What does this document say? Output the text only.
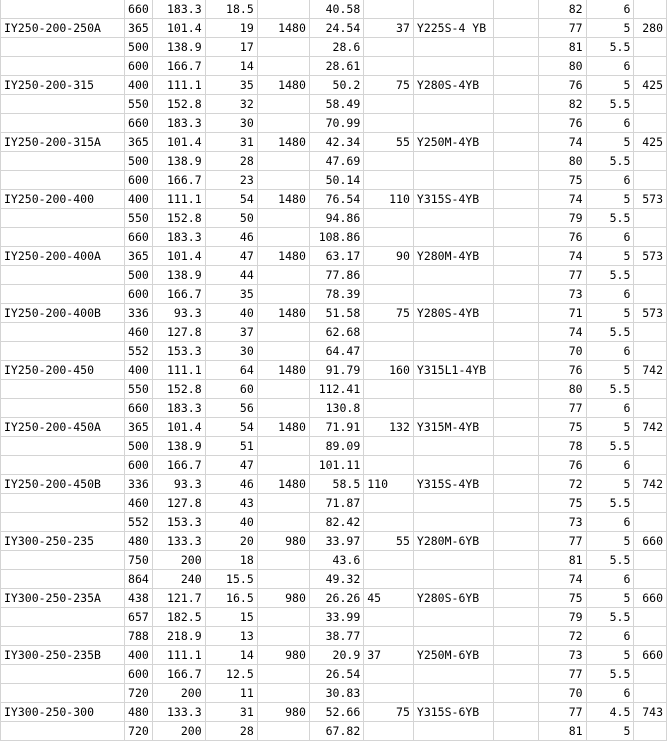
	660	183.3	18.5		40.58				82	6	
IY250-200-250A	365	101.4	19	1480	24.54	37	Y225S-4 YB		77	5	280
	500	138.9	17		28.6				81	5.5	
	600	166.7	14		28.61				80	6	
IY250-200-315	400	111.1	35	1480	50.2	75	Y280S-4YB		76	5	425
	550	152.8	32		58.49				82	5.5	
	660	183.3	30		70.99				76	6	
IY250-200-315A	365	101.4	31	1480	42.34	55	Y250M-4YB		74	5	425
	500	138.9	28		47.69				80	5.5	
	600	166.7	23		50.14				75	6	
IY250-200-400	400	111.1	54	1480	76.54	110	Y315S-4YB		74	5	573
	550	152.8	50		94.86				79	5.5	
	660	183.3	46		108.86				76	6	
IY250-200-400A	365	101.4	47	1480	63.17	90	Y280M-4YB		74	5	573
	500	138.9	44		77.86				77	5.5	
	600	166.7	35		78.39				73	6	
IY250-200-400B	336	93.3	40	1480	51.58	75	Y280S-4YB		71	5	573
	460	127.8	37		62.68				74	5.5	
	552	153.3	30		64.47				70	6	
IY250-200-450	400	111.1	64	1480	91.79	160	Y315L1-4YB		76	5	742
	550	152.8	60		112.41				80	5.5	
	660	183.3	56		130.8				77	6	
IY250-200-450A	365	101.4	54	1480	71.91	132	Y315M-4YB		75	5	742
	500	138.9	51		89.09				78	5.5	
	600	166.7	47		101.11				76	6	
IY250-200-450B	336	93.3	46	1480	58.5	110	Y315S-4YB		72	5	742
	460	127.8	43		71.87				75	5.5	
	552	153.3	40		82.42				73	6	
IY300-250-235	480	133.3	20	980	33.97	55	Y280M-6YB		77	5	660
	750	200	18		43.6				81	5.5	
	864	240	15.5		49.32				74	6	
IY300-250-235A	438	121.7	16.5	980	26.26	45	Y280S-6YB		75	5	660
	657	182.5	15		33.99				79	5.5	
	788	218.9	13		38.77				72	6	
IY300-250-235B	400	111.1	14	980	20.9	37	Y250M-6YB		73	5	660
	600	166.7	12.5		26.54				77	5.5	
	720	200	11		30.83				70	6	
IY300-250-300	480	133.3	31	980	52.66	75	Y315S-6YB		77	4.5	743
	720	200	28		67.82				81	5	
